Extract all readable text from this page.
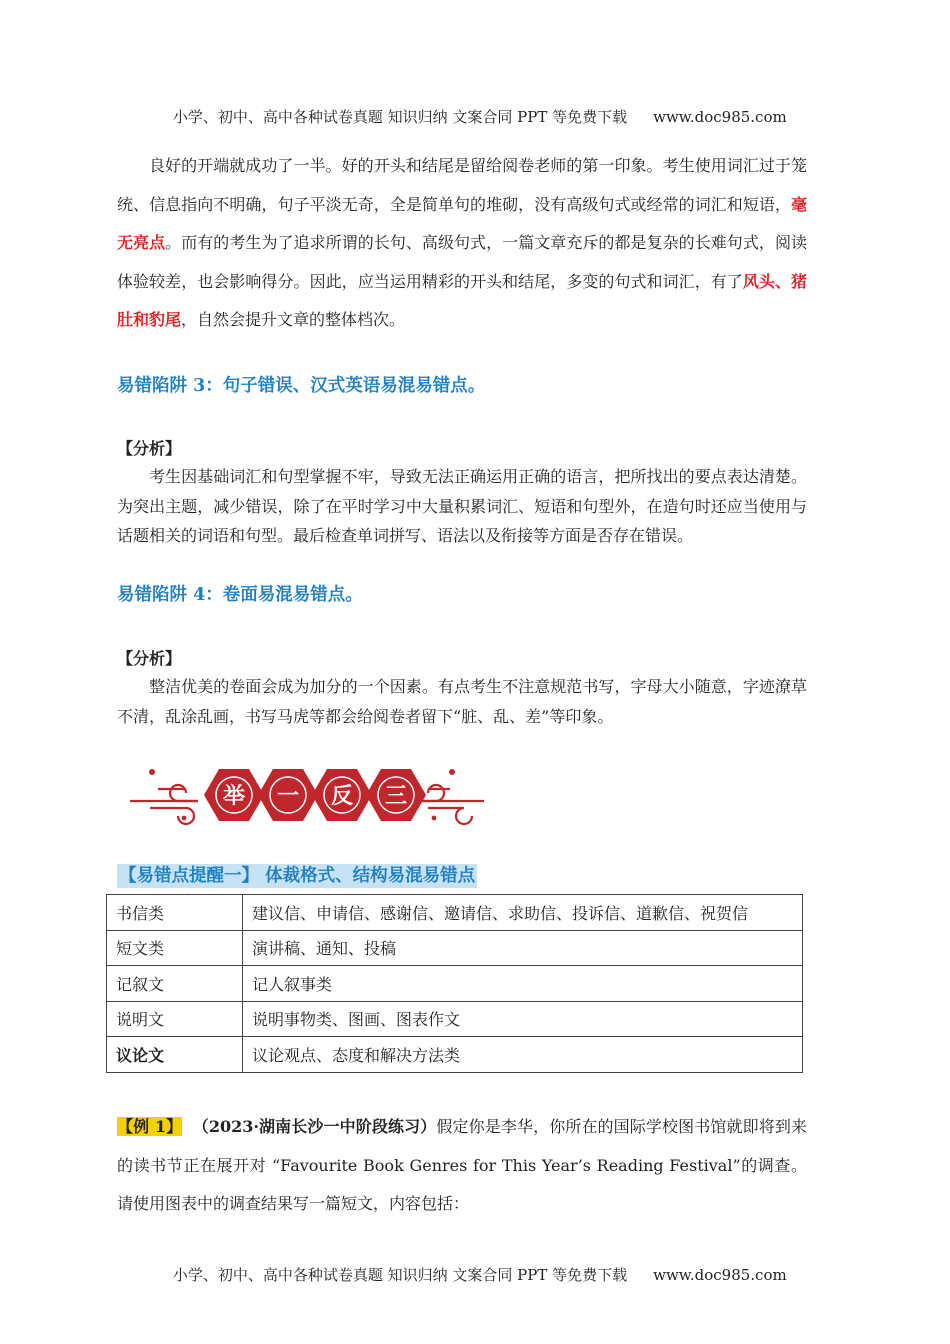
小学、初中、高中各种试卷真题 知识归纳 文案合同 PPT 等免费下载 www.doc985.com

良好的开端就成功了一半。好的开头和结尾是留给阅卷老师的第一印象。考生使用词汇过于笼统、信息指向不明确，句子平淡无奇，全是简单句的堆砌，没有高级句式或经常的词汇和短语，毫无亮点。而有的考生为了追求所谓的长句、高级句式，一篇文章充斥的都是复杂的长难句式，阅读体验较差，也会影响得分。因此，应当运用精彩的开头和结尾，多变的句式和词汇，有了风头、猪肚和豹尾，自然会提升文章的整体档次。
易错陷阱 3：句子错误、汉式英语易混易错点。
【分析】
考生因基础词汇和句型掌握不牢，导致无法正确运用正确的语言，把所找出的要点表达清楚。为突出主题，减少错误，除了在平时学习中大量积累词汇、短语和句型外，在造句时还应当使用与话题相关的词语和句型。最后检查单词拼写、语法以及衔接等方面是否存在错误。
易错陷阱 4：卷面易混易错点。
【分析】
整洁优美的卷面会成为加分的一个因素。有点考生不注意规范书写，字母大小随意，字迹潦草不清，乱涂乱画，书写马虎等都会给阅卷者留下“脏、乱、差”等印象。
举 一 反 三
【易错点提醒一】 体裁格式、结构易混易错点
书信类	建议信、申请信、感谢信、邀请信、求助信、投诉信、道歉信、祝贺信
短文类	演讲稿、通知、投稿
记叙文	记人叙事类
说明文	说明事物类、图画、图表作文
议论文	议论观点、态度和解决方法类
【例 1】 （2023·湖南长沙一中阶段练习）假定你是李华，你所在的国际学校图书馆就即将到来的读书节正在展开对 “Favourite Book Genres for This Year’s Reading Festival”的调查。请使用图表中的调查结果写一篇短文，内容包括：

小学、初中、高中各种试卷真题 知识归纳 文案合同 PPT 等免费下载 www.doc985.com
